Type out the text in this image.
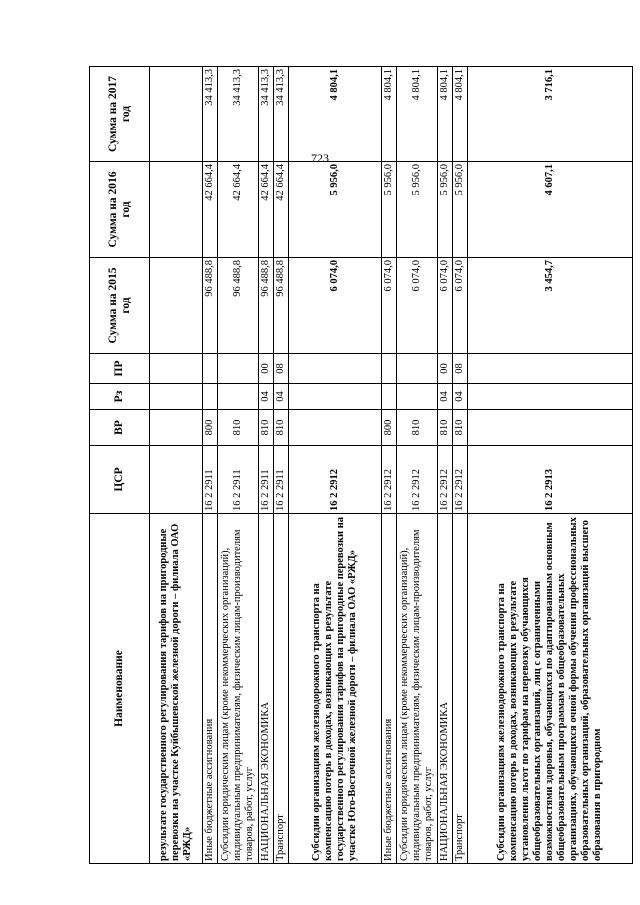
723
Наименование	ЦСР	ВР	Рз	ПР	Сумма на 2015 год	Сумма на 2016 год	Сумма на 2017 год
результате государственного регулирования тарифов на пригородные перевозки на участке Куйбышевской железной дороги – филиала ОАО «РЖД»							
Иные бюджетные ассигнования	16 2 2911	800			96 488,8	42 664,4	34 413,3
Субсидии юридическим лицам (кроме некоммерческих организаций), индивидуальным предпринимателям, физическим лицам-производителям товаров, работ, услуг	16 2 2911	810			96 488,8	42 664,4	34 413,3
НАЦИОНАЛЬНАЯ ЭКОНОМИКА	16 2 2911	810	04	00	96 488,8	42 664,4	34 413,3
Транспорт	16 2 2911	810	04	08	96 488,8	42 664,4	34 413,3
Субсидии организациям железнодорожного транспорта на компенсацию потерь в доходах, возникающих в результате государственного регулирования тарифов на пригородные перевозки на участке Юго-Восточной железной дороги – филиала ОАО «РЖД»	16 2 2912				6 074,0	5 956,0	4 804,1
Иные бюджетные ассигнования	16 2 2912	800			6 074,0	5 956,0	4 804,1
Субсидии юридическим лицам (кроме некоммерческих организаций), индивидуальным предпринимателям, физическим лицам-производителям товаров, работ, услуг	16 2 2912	810			6 074,0	5 956,0	4 804,1
НАЦИОНАЛЬНАЯ ЭКОНОМИКА	16 2 2912	810	04	00	6 074,0	5 956,0	4 804,1
Транспорт	16 2 2912	810	04	08	6 074,0	5 956,0	4 804,1
Субсидии организациям железнодорожного транспорта на компенсацию потерь в доходах, возникающих в результате установления льгот по тарифам на перевозку обучающихся общеобразовательных организаций, лиц с ограниченными возможностями здоровья, обучающихся по адаптированным основным общеобразовательным программам в общеобразовательных организациях, обучающихся очной формы обучения профессиональных образовательных организаций, образовательных организаций высшего образования в пригородном	16 2 2913				3 454,7	4 607,1	3 716,1
